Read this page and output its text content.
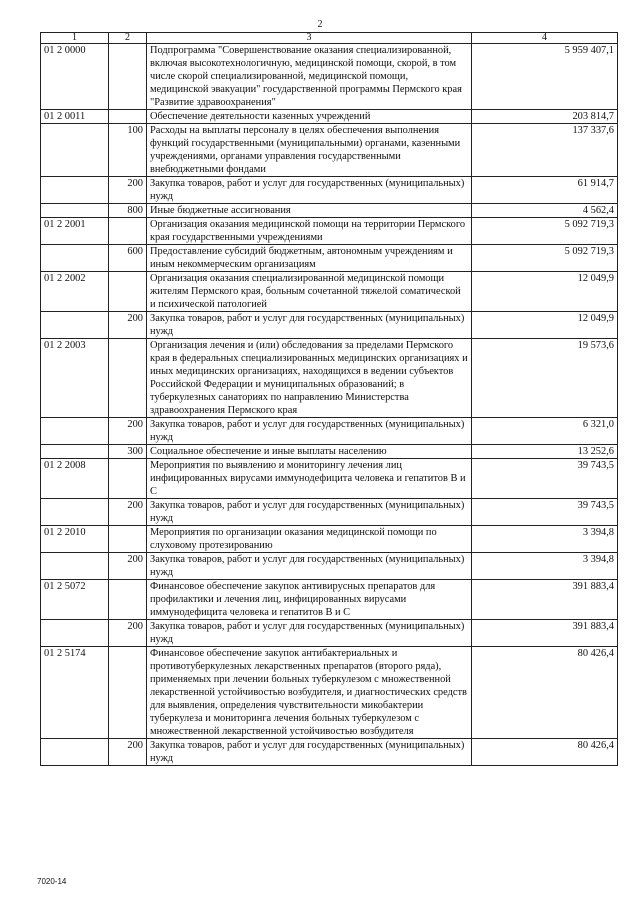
2
1	2	3	4
01 2 0000		Подпрограмма "Совершенствование оказания специализированной, включая высокотехнологичную, медицинской помощи, скорой, в том числе скорой специализированной, медицинской помощи, медицинской эвакуации" государственной программы Пермского края "Развитие здравоохранения"	5 959 407,1
01 2 0011		Обеспечение деятельности казенных учреждений	203 814,7
	100	Расходы на выплаты персоналу в целях обеспечения выполнения функций государственными (муниципальными) органами, казенными учреждениями, органами управления государственными внебюджетными фондами	137 337,6
	200	Закупка товаров, работ и услуг для государственных (муниципальных) нужд	61 914,7
	800	Иные бюджетные ассигнования	4 562,4
01 2 2001		Организация оказания медицинской помощи на территории Пермского края государственными учреждениями	5 092 719,3
	600	Предоставление субсидий бюджетным, автономным учреждениям и иным некоммерческим организациям	5 092 719,3
01 2 2002		Организация оказания специализированной медицинской помощи жителям Пермского края, больным сочетанной тяжелой соматической и психической патологией	12 049,9
	200	Закупка товаров, работ и услуг для государственных (муниципальных) нужд	12 049,9
01 2 2003		Организация лечения и (или) обследования за пределами Пермского края в федеральных специализированных медицинских организациях и иных медицинских организациях, находящихся в ведении субъектов Российской Федерации и муниципальных образований; в туберкулезных санаториях по направлению Министерства здравоохранения Пермского края	19 573,6
	200	Закупка товаров, работ и услуг для государственных (муниципальных) нужд	6 321,0
	300	Социальное обеспечение и иные выплаты населению	13 252,6
01 2 2008		Мероприятия по выявлению и мониторингу лечения лиц инфицированных вирусами иммунодефицита человека и гепатитов В и С	39 743,5
	200	Закупка товаров, работ и услуг для государственных (муниципальных) нужд	39 743,5
01 2 2010		Мероприятия по организации оказания медицинской помощи по слуховому протезированию	3 394,8
	200	Закупка товаров, работ и услуг для государственных (муниципальных) нужд	3 394,8
01 2 5072		Финансовое обеспечение закупок антивирусных препаратов для профилактики и лечения лиц, инфицированных вирусами иммунодефицита человека и гепатитов В и С	391 883,4
	200	Закупка товаров, работ и услуг для государственных (муниципальных) нужд	391 883,4
01 2 5174		Финансовое обеспечение закупок антибактериальных и противотуберкулезных лекарственных препаратов (второго ряда), применяемых при лечении больных туберкулезом с множественной лекарственной устойчивостью возбудителя, и диагностических средств для выявления, определения чувствительности микобактерии туберкулеза и мониторинга лечения больных туберкулезом с множественной лекарственной устойчивостью возбудителя	80 426,4
	200	Закупка товаров, работ и услуг для государственных (муниципальных) нужд	80 426,4
7020-14
